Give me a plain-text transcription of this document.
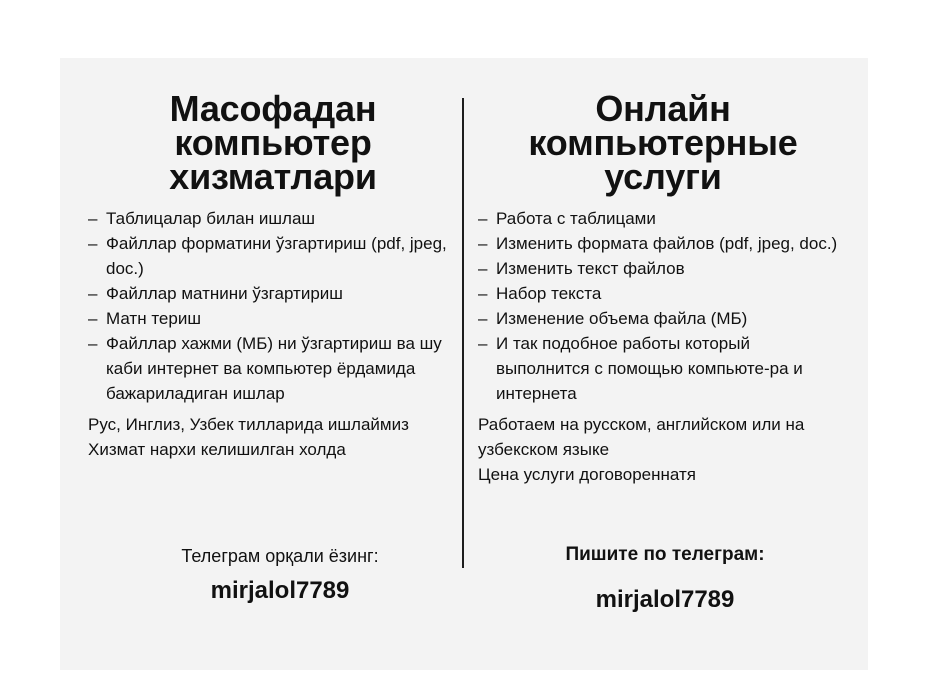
Масофадан
компьютер
хизматлари
– Таблицалар билан ишлаш
– Файллар форматини ўзгартириш (pdf, jpeg, doc.)
– Файллар матнини ўзгартириш
– Матн териш
– Файллар хажми (МБ) ни ўзгартириш ва шу каби интернет ва компьютер ёрдамида бажариладиган ишлар

Рус, Инглиз, Узбек тилларида ишлаймиз

Хизмат нархи келишилган холда

Телеграм орқали ёзинг:
mirjalol7789
Онлайн
компьютерные
услуги
– Работа с таблицами
– Изменить формата файлов (pdf, jpeg, doc.)
– Изменить текст файлов
– Набор текста
– Изменение объема файла (МБ)
– И так подобное работы который выполнится с помощью компьюте-ра и интернета

Работаем на русском, английском или на узбекском языке

Цена услуги договореннатя

Пишите по телеграм:
mirjalol7789
